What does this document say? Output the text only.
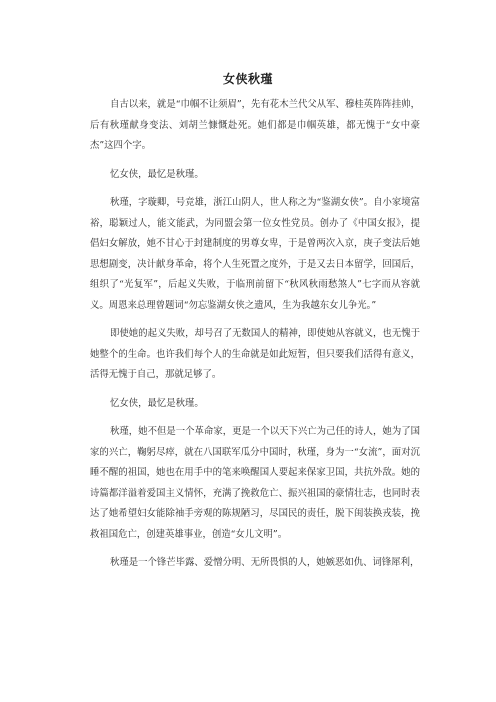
女侠秋瑾

自古以来，就是“巾帼不让须眉”，先有花木兰代父从军、穆桂英阵阵挂帅，后有秋瑾献身变法、刘胡兰慷慨赴死。她们都是巾帼英雄，都无愧于“女中豪杰”这四个字。

忆女侠，最忆是秋瑾。

秋瑾，字璇卿，号竞雄，浙江山阴人，世人称之为“鉴湖女侠”。自小家境富裕，聪颖过人，能文能武，为同盟会第一位女性党员。创办了《中国女报》，提倡妇女解放，她不甘心于封建制度的男尊女卑，于是曾两次入京，庚子变法后她思想剧变，决计献身革命，将个人生死置之度外，于是又去日本留学，回国后，组织了“光复军”，后起义失败，于临刑前留下“秋风秋雨愁煞人”七字而从容就义。周恩来总理曾题词“勿忘鉴湖女侠之遗风，生为我越东女儿争光。”

即使她的起义失败，却号召了无数国人的精神，即使她从容就义，也无愧于她整个的生命。也许我们每个人的生命就是如此短暂，但只要我们活得有意义，活得无愧于自己，那就足够了。

忆女侠，最忆是秋瑾。

秋瑾，她不但是一个革命家，更是一个以天下兴亡为己任的诗人，她为了国家的兴亡，鞠躬尽瘁，就在八国联军瓜分中国时，秋瑾，身为一“女流”，面对沉睡不醒的祖国，她也在用手中的笔来唤醒国人要起来保家卫国，共抗外敌。她的诗篇都洋溢着爱国主义情怀，充满了挽救危亡、振兴祖国的豪情壮志，也同时表达了她希望妇女能除袖手旁观的陈规陋习，尽国民的责任，脱下闺装换戎装，挽救祖国危亡，创建英雄事业，创造“女儿文明”。

秋瑾是一个锋芒毕露、爱憎分明、无所畏惧的人，她嫉恶如仇、词锋犀利，
